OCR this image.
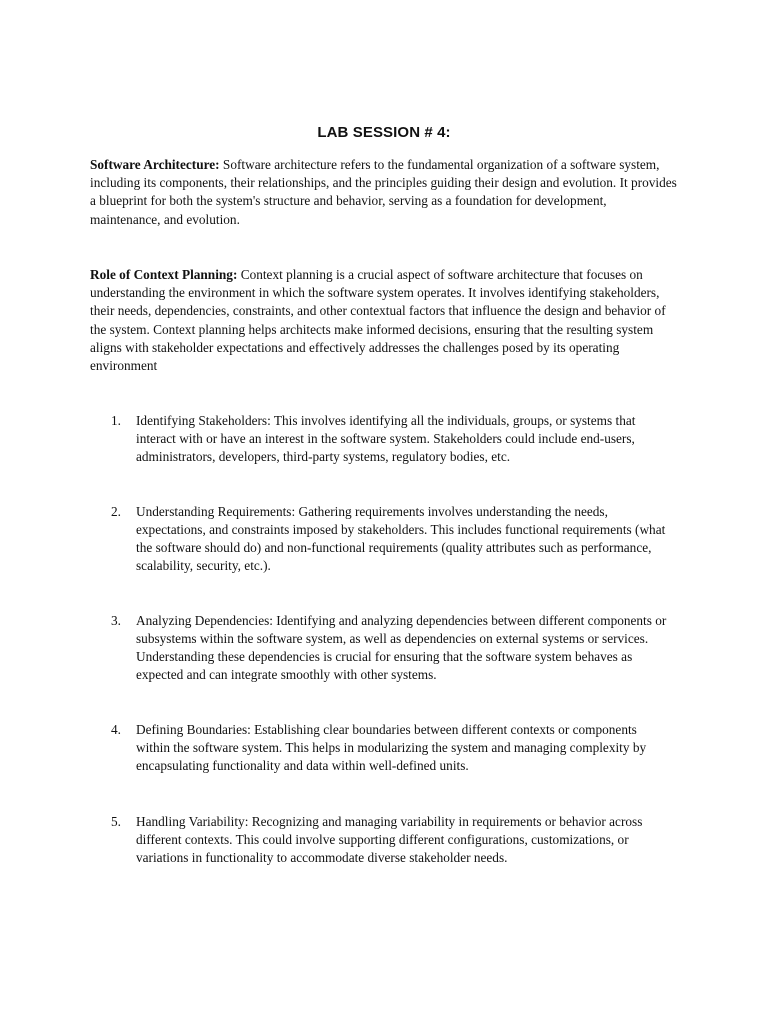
LAB SESSION # 4:

Software Architecture: Software architecture refers to the fundamental organization of a software system, including its components, their relationships, and the principles guiding their design and evolution. It provides a blueprint for both the system's structure and behavior, serving as a foundation for development, maintenance, and evolution.

Role of Context Planning: Context planning is a crucial aspect of software architecture that focuses on understanding the environment in which the software system operates. It involves identifying stakeholders, their needs, dependencies, constraints, and other contextual factors that influence the design and behavior of the system. Context planning helps architects make informed decisions, ensuring that the resulting system aligns with stakeholder expectations and effectively addresses the challenges posed by its operating environment

1.	Identifying Stakeholders: This involves identifying all the individuals, groups, or systems that interact with or have an interest in the software system. Stakeholders could include end-users, administrators, developers, third-party systems, regulatory bodies, etc.
2.	Understanding Requirements: Gathering requirements involves understanding the needs, expectations, and constraints imposed by stakeholders. This includes functional requirements (what the software should do) and non-functional requirements (quality attributes such as performance, scalability, security, etc.).
3.	Analyzing Dependencies: Identifying and analyzing dependencies between different components or subsystems within the software system, as well as dependencies on external systems or services. Understanding these dependencies is crucial for ensuring that the software system behaves as expected and can integrate smoothly with other systems.
4.	Defining Boundaries: Establishing clear boundaries between different contexts or components within the software system. This helps in modularizing the system and managing complexity by encapsulating functionality and data within well-defined units.
5.	Handling Variability: Recognizing and managing variability in requirements or behavior across different contexts. This could involve supporting different configurations, customizations, or variations in functionality to accommodate diverse stakeholder needs.
